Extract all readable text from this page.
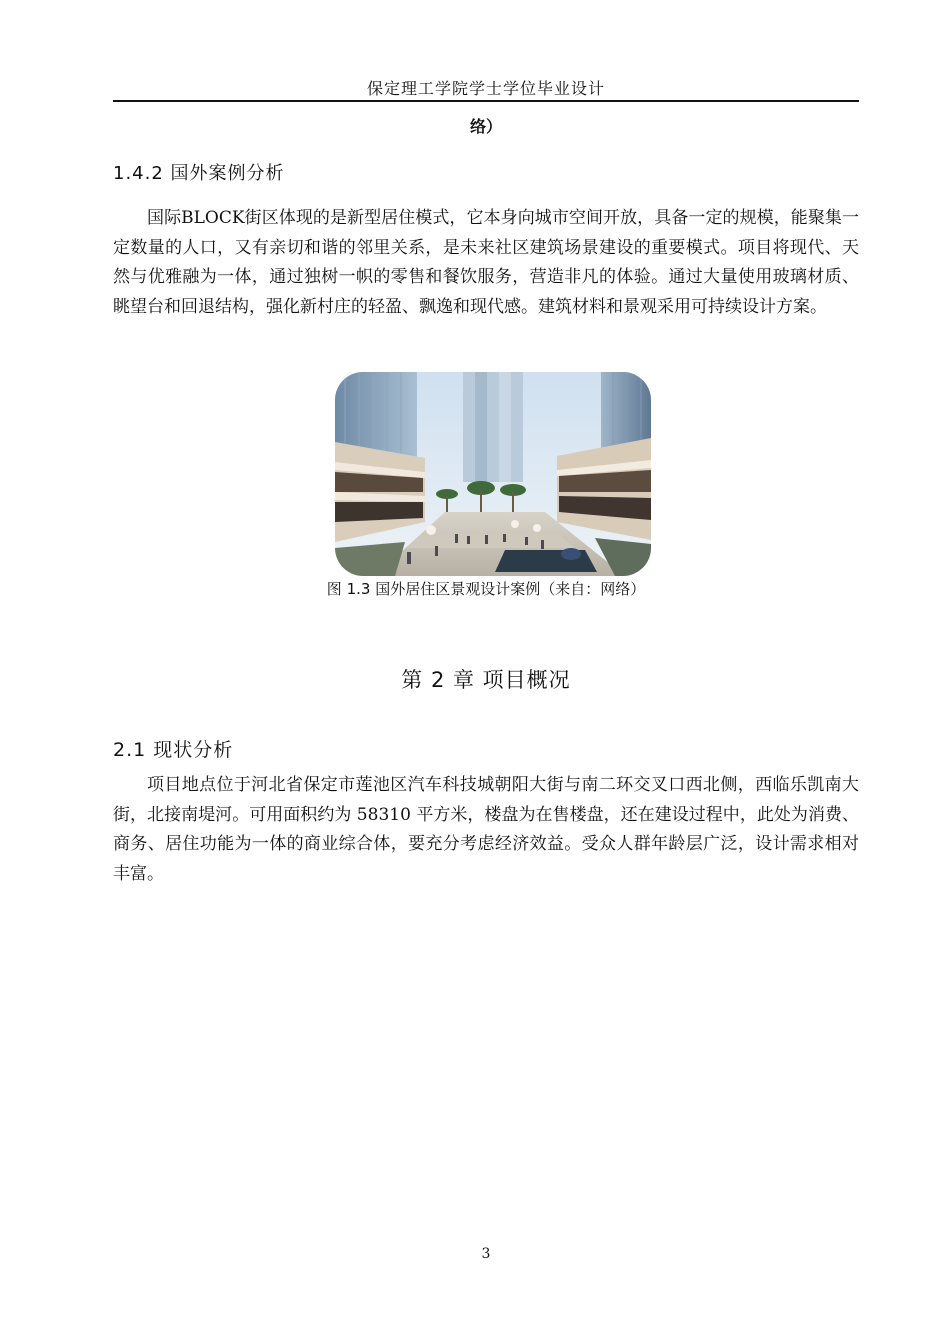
保定理工学院学士学位毕业设计
络）
1.4.2 国外案例分析

国际BLOCK街区体现的是新型居住模式，它本身向城市空间开放，具备一定的规模，能聚集一定数量的人口，又有亲切和谐的邻里关系，是未来社区建筑场景建设的重要模式。项目将现代、天然与优雅融为一体，通过独树一帜的零售和餐饮服务，营造非凡的体验。通过大量使用玻璃材质、眺望台和回退结构，强化新村庄的轻盈、飘逸和现代感。建筑材料和景观采用可持续设计方案。

图 1.3 国外居住区景观设计案例（来自：网络）
第 2 章 项目概况
2.1 现状分析

项目地点位于河北省保定市莲池区汽车科技城朝阳大街与南二环交叉口西北侧，西临乐凯南大街，北接南堤河。可用面积约为 58310 平方米，楼盘为在售楼盘，还在建设过程中，此处为消费、商务、居住功能为一体的商业综合体，要充分考虑经济效益。受众人群年龄层广泛，设计需求相对丰富。

3
